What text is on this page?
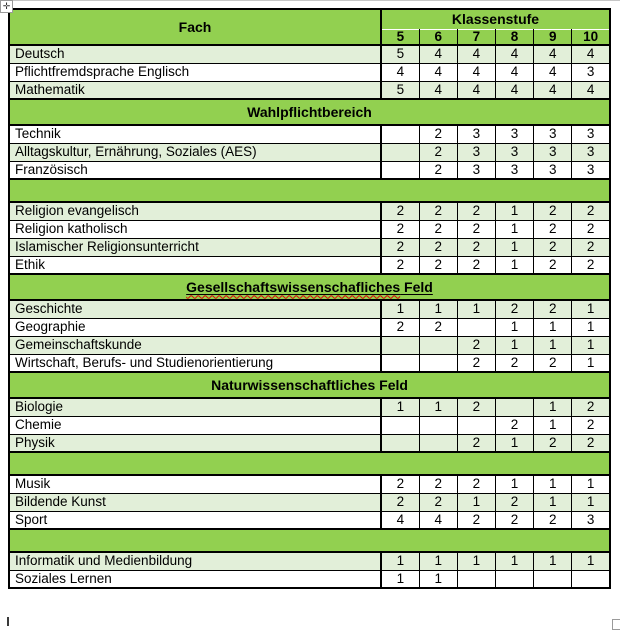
✛
Fach	Klassenstufe					
	5	6	7	8	9	10
Deutsch	5	4	4	4	4	4
Pflichtfremdsprache Englisch	4	4	4	4	4	3
Mathematik	5	4	4	4	4	4
Wahlpflichtbereich						
Technik		2	3	3	3	3
Alltagskultur, Ernährung, Soziales (AES)		2	3	3	3	3
Französisch		2	3	3	3	3

Religion evangelisch	2	2	2	1	2	2
Religion katholisch	2	2	2	1	2	2
Islamischer Religionsunterricht	2	2	2	1	2	2
Ethik	2	2	2	1	2	2
Gesellschaftswissenschafliches Feld						
Geschichte	1	1	1	2	2	1
Geographie	2	2		1	1	1
Gemeinschaftskunde			2	1	1	1
Wirtschaft, Berufs- und Studienorientierung			2	2	2	1
Naturwissenschaftliches Feld						
Biologie	1	1	2		1	2
Chemie				2	1	2
Physik			2	1	2	2

Musik	2	2	2	1	1	1
Bildende Kunst	2	2	1	2	1	1
Sport	4	4	2	2	2	3

Informatik und Medienbildung	1	1	1	1	1	1
Soziales Lernen	1	1				
